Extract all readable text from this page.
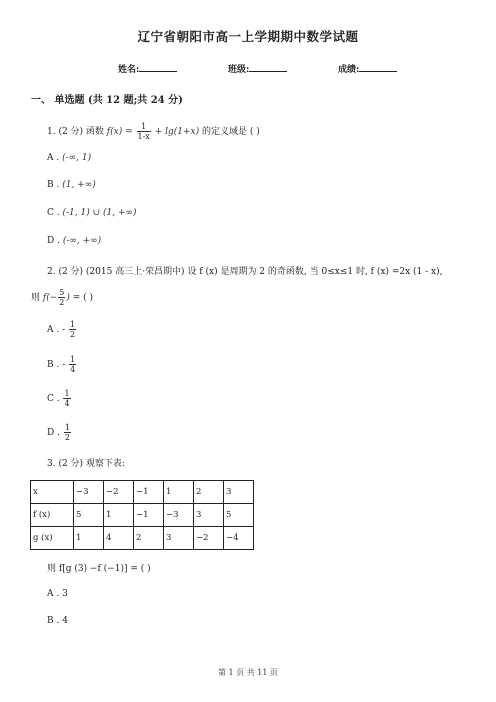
辽宁省朝阳市高一上学期期中数学试题
姓名:	班级:	成绩:
一、 单选题 (共 12 题;共 24 分)
1. (2 分) 函数 $f(x) = \frac{1}{1-x} + \lg(1+x)$ 的定义域是 ( )
A . (-∞, 1)
B . (1, +∞)
C . (-1, 1) ∪ (1, +∞)
D . (-∞, +∞)
2. (2 分) (2015 高三上·荣昌期中) 设 f (x) 是周期为 2 的奇函数, 当 0≤x≤1 时, f (x) =2x (1 - x),
则 $f(- \frac{5}{2}$ ) = ( )
A . - $\frac{1}{2}$
B . - $\frac{1}{4}$
C . $\frac{1}{4}$
D . $\frac{1}{2}$
3. (2 分) 观察下表:
x	−3	−2	−1	1	2	3
f (x)	5	1	−1	−3	3	5
g (x)	1	4	2	3	−2	−4
则 f[g (3) −f (−1)] = ( )
A . 3
B . 4
第 1 页 共 11 页
